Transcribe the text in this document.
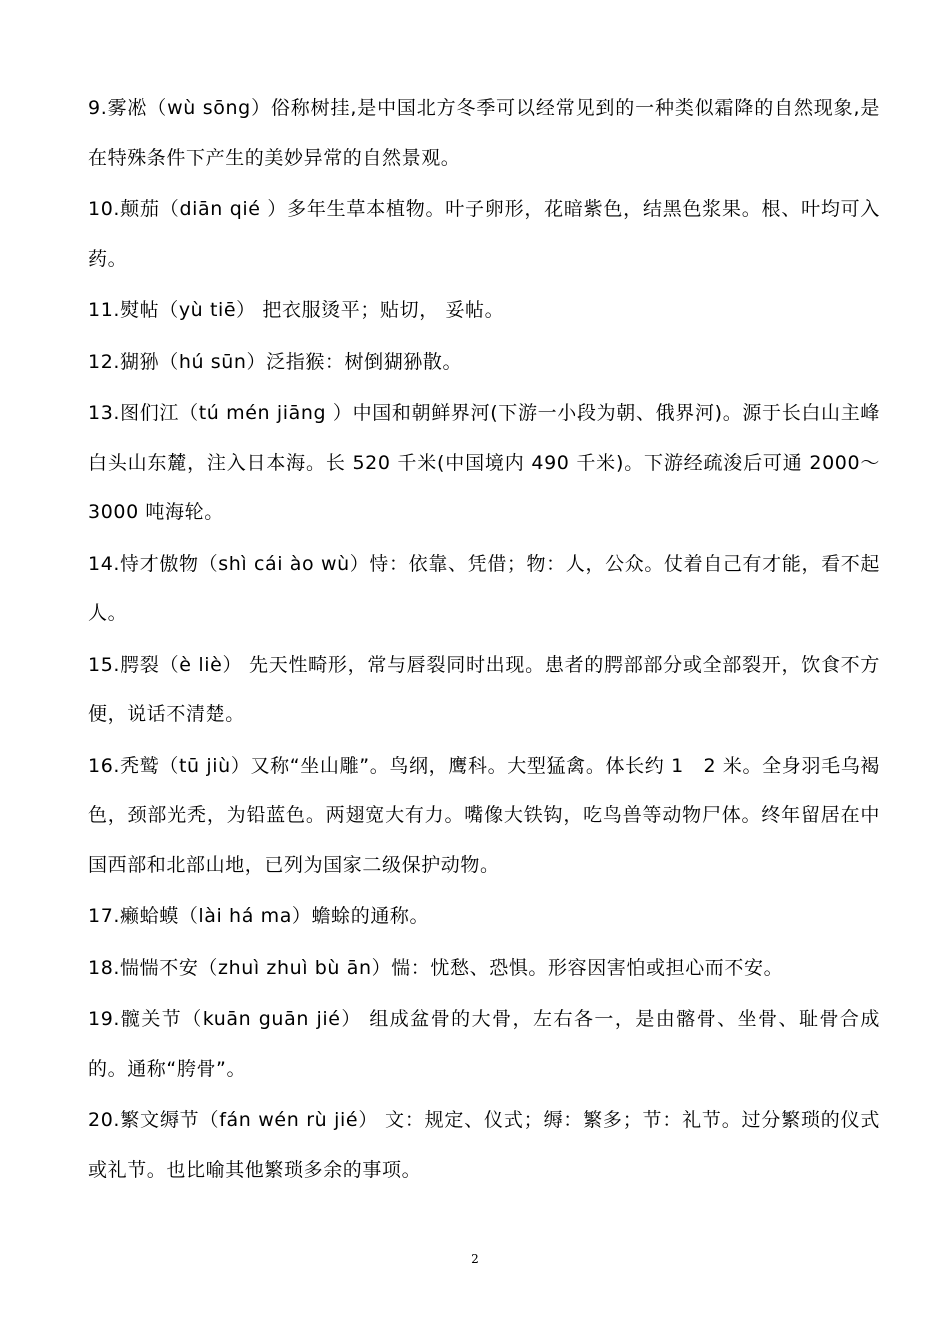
9.雾凇（wù sōng）俗称树挂,是中国北方冬季可以经常见到的一种类似霜降的自然现象,是在特殊条件下产生的美妙异常的自然景观。
10.颠茄（diān qié ）多年生草本植物。叶子卵形，花暗紫色，结黑色浆果。根、叶均可入药。
11.熨帖（yù tiē） 把衣服烫平；贴切， 妥帖。
12.猢狲（hú sūn）泛指猴：树倒猢狲散。
13.图们江（tú mén jiāng ）中国和朝鲜界河(下游一小段为朝、俄界河)。源于长白山主峰白头山东麓，注入日本海。长 520 千米(中国境内 490 千米)。下游经疏浚后可通 2000～3000 吨海轮。
14.恃才傲物（shì cái ào wù）恃：依靠、凭借；物：人，公众。仗着自己有才能，看不起人。
15.腭裂（è liè） 先天性畸形，常与唇裂同时出现。患者的腭部部分或全部裂开，饮食不方便，说话不清楚。
16.秃鹫（tū jiù）又称“坐山雕”。鸟纲，鹰科。大型猛禽。体长约 1　2 米。全身羽毛乌褐色，颈部光秃，为铅蓝色。两翅宽大有力。嘴像大铁钩，吃鸟兽等动物尸体。终年留居在中国西部和北部山地，已列为国家二级保护动物。
17.癞蛤蟆（lài há ma）蟾蜍的通称。
18.惴惴不安（zhuì zhuì bù ān）惴：忧愁、恐惧。形容因害怕或担心而不安。
19.髋关节（kuān guān jié） 组成盆骨的大骨，左右各一，是由髂骨、坐骨、耻骨合成的。通称“胯骨”。
20.繁文缛节（fán wén rù jié） 文：规定、仪式；缛：繁多；节：礼节。过分繁琐的仪式或礼节。也比喻其他繁琐多余的事项。
2
